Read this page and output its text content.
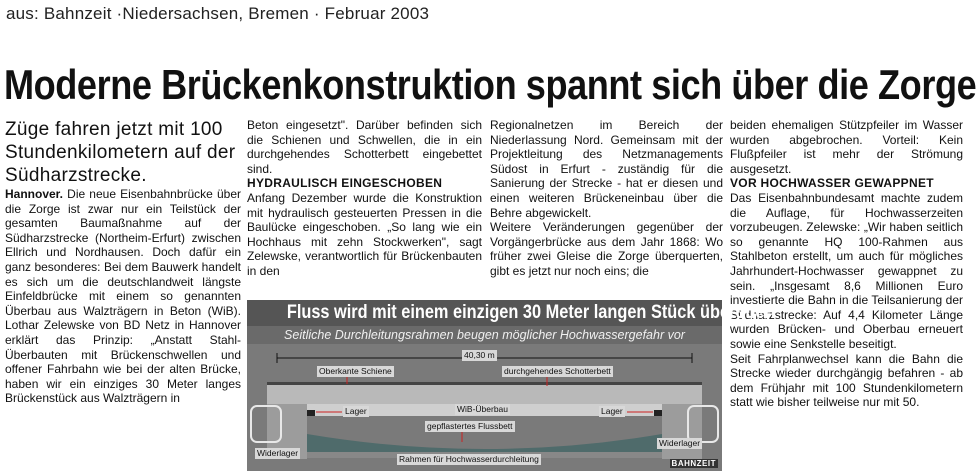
aus: Bahnzeit ·Niedersachsen, Bremen · Februar 2003
Moderne Brückenkonstruktion spannt sich über die Zorge

Züge fahren jetzt mit 100 Stundenkilometern auf der Südharzstrecke.

Hannover. Die neue Eisenbahnbrücke über die Zorge ist zwar nur ein Teilstück der gesamten Baumaßnahme auf der Südharzstrecke (Northeim-Erfurt) zwischen Ellrich und Nordhausen. Doch dafür ein ganz besonderes: Bei dem Bauwerk handelt es sich um die deutschlandweit längste Einfeldbrücke mit einem so genannten Überbau aus Walzträgern in Beton (WiB). Lothar Zelewske von BD Netz in Hannover erklärt das Prinzip: „Anstatt Stahl-Überbauten mit Brückenschwellen und offener Fahrbahn wie bei der alten Brücke, haben wir ein einziges 30 Meter langes Brückenstück aus Walzträgern in

Beton eingesetzt". Darüber befinden sich die Schienen und Schwellen, die in ein durchgehendes Schotterbett eingebettet sind.

HYDRAULISCH EINGESCHOBEN

Anfang Dezember wurde die Konstruktion mit hydraulisch gesteuerten Pressen in die Baulücke eingeschoben. „So lang wie ein Hochhaus mit zehn Stockwerken", sagt Zelewske, verantwortlich für Brückenbauten in den

Regionalnetzen im Bereich der Niederlassung Nord. Gemeinsam mit der Projektleitung des Netzmanagements Südost in Erfurt - zuständig für die Sanierung der Strecke - hat er diesen und einen weiteren Brückeneinbau über die Behre abgewickelt.

Weitere Veränderungen gegenüber der Vorgängerbrücke aus dem Jahr 1868: Wo früher zwei Gleise die Zorge überquerten, gibt es jetzt nur noch eins; die

beiden ehemaligen Stützpfeiler im Wasser wurden abgebrochen. Vorteil: Kein Flußpfeiler ist mehr der Strömung ausgesetzt.

VOR HOCHWASSER GEWAPPNET

Das Eisenbahnbundesamt machte zudem die Auflage, für Hochwasserzeiten vorzubeugen. Zelewske: „Wir haben seitlich so genannte HQ 100-Rahmen aus Stahlbeton erstellt, um auch für mögliches Jahrhundert-Hochwasser gewappnet zu sein. „Insgesamt 8,6 Millionen Euro investierte die Bahn in die Teilsanierung der Südharzstrecke: Auf 4,4 Kilometer Länge wurden Brücken- und Oberbau erneuert sowie eine Senkstelle beseitigt.

Seit Fahrplanwechsel kann die Bahn die Strecke wieder durchgängig befahren - ab dem Frühjahr mit 100 Stundenkilometern statt wie bisher teilweise nur mit 50.

Fluss wird mit einem einzigen 30 Meter langen Stück überquert
Seitliche Durchleitungsrahmen beugen möglicher Hochwassergefahr vor
40,30 m
Oberkante Schiene	durchgehendes Schotterbett
WiB-Überbau
Lager	Lager
gepflastertes Flussbett
Widerlager
Widerlager
Rahmen für Hochwasserdurchleitung	BAHNZEIT
